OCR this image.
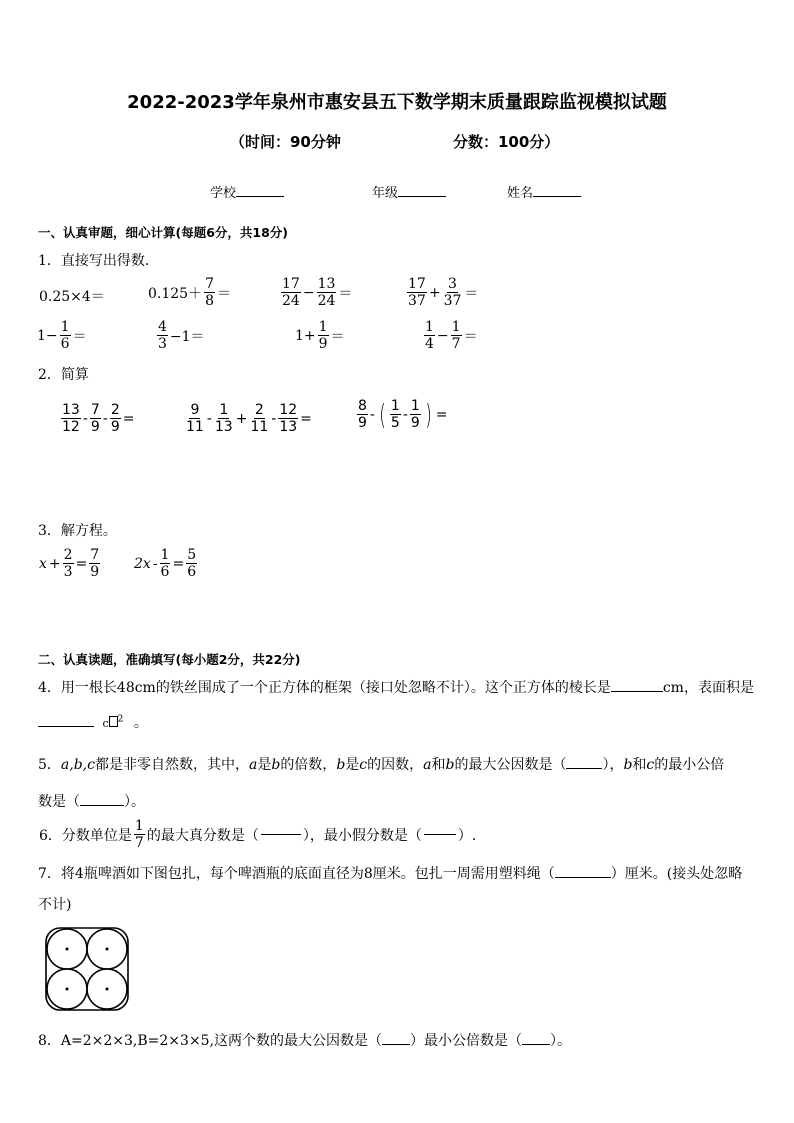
2022-2023学年泉州市惠安县五下数学期末质量跟踪监视模拟试题
（时间：90分钟	分数：100分）
学校	年级	姓名
一、认真审题，细心计算(每题6分，共18分)
1．直接写出得数．
0.25×4＝	$0.125+ \frac{7}{8}$ ＝	$\frac{17}{24} - \frac{13}{24}$ ＝	$\frac{17}{37} + \frac{3}{37}$ ＝
$1- \frac{1}{6}$ ＝	$\frac{4}{3} -1=$	$1+ \frac{1}{9}$ ＝	$\frac{1}{4} - \frac{1}{7}$ ＝
2．简算
$\frac{13}{12} - \frac{7}{9} - \frac{2}{9}$ =	$\frac{9}{11} - \frac{1}{13} + \frac{2}{11} - \frac{12}{13}$ =	$\frac{8}{9}$ - ( $\frac{1}{5} - \frac{1}{9}$ ) =
3．解方程。
$x + \frac{2}{3} = \frac{7}{9} 2x - \frac{1}{6} = \frac{5}{6}$
二、认真读题，准确填写(每小题2分，共22分)
4．用一根长48cm的铁丝围成了一个正方体的框架（接口处忽略不计）。这个正方体的棱长是	cm，表面积是
c $^2$ 。
5．a,b,c都是非零自然数，其中，a是b的倍数，b是c的因数，a和b的最大公因数是（	），b和c的最小公倍
数是（	）。
6．分数单位是 $\frac{1}{7}$ 的最大真分数是（	），最小假分数是（	）.
7．将4瓶啤酒如下图包扎，每个啤酒瓶的底面直径为8厘米。包扎一周需用塑料绳（	）厘米。(接头处忽略
不计)
8．A=2×2×3,B=2×3×5,这两个数的最大公因数是（ ）最小公倍数是（ ）。
